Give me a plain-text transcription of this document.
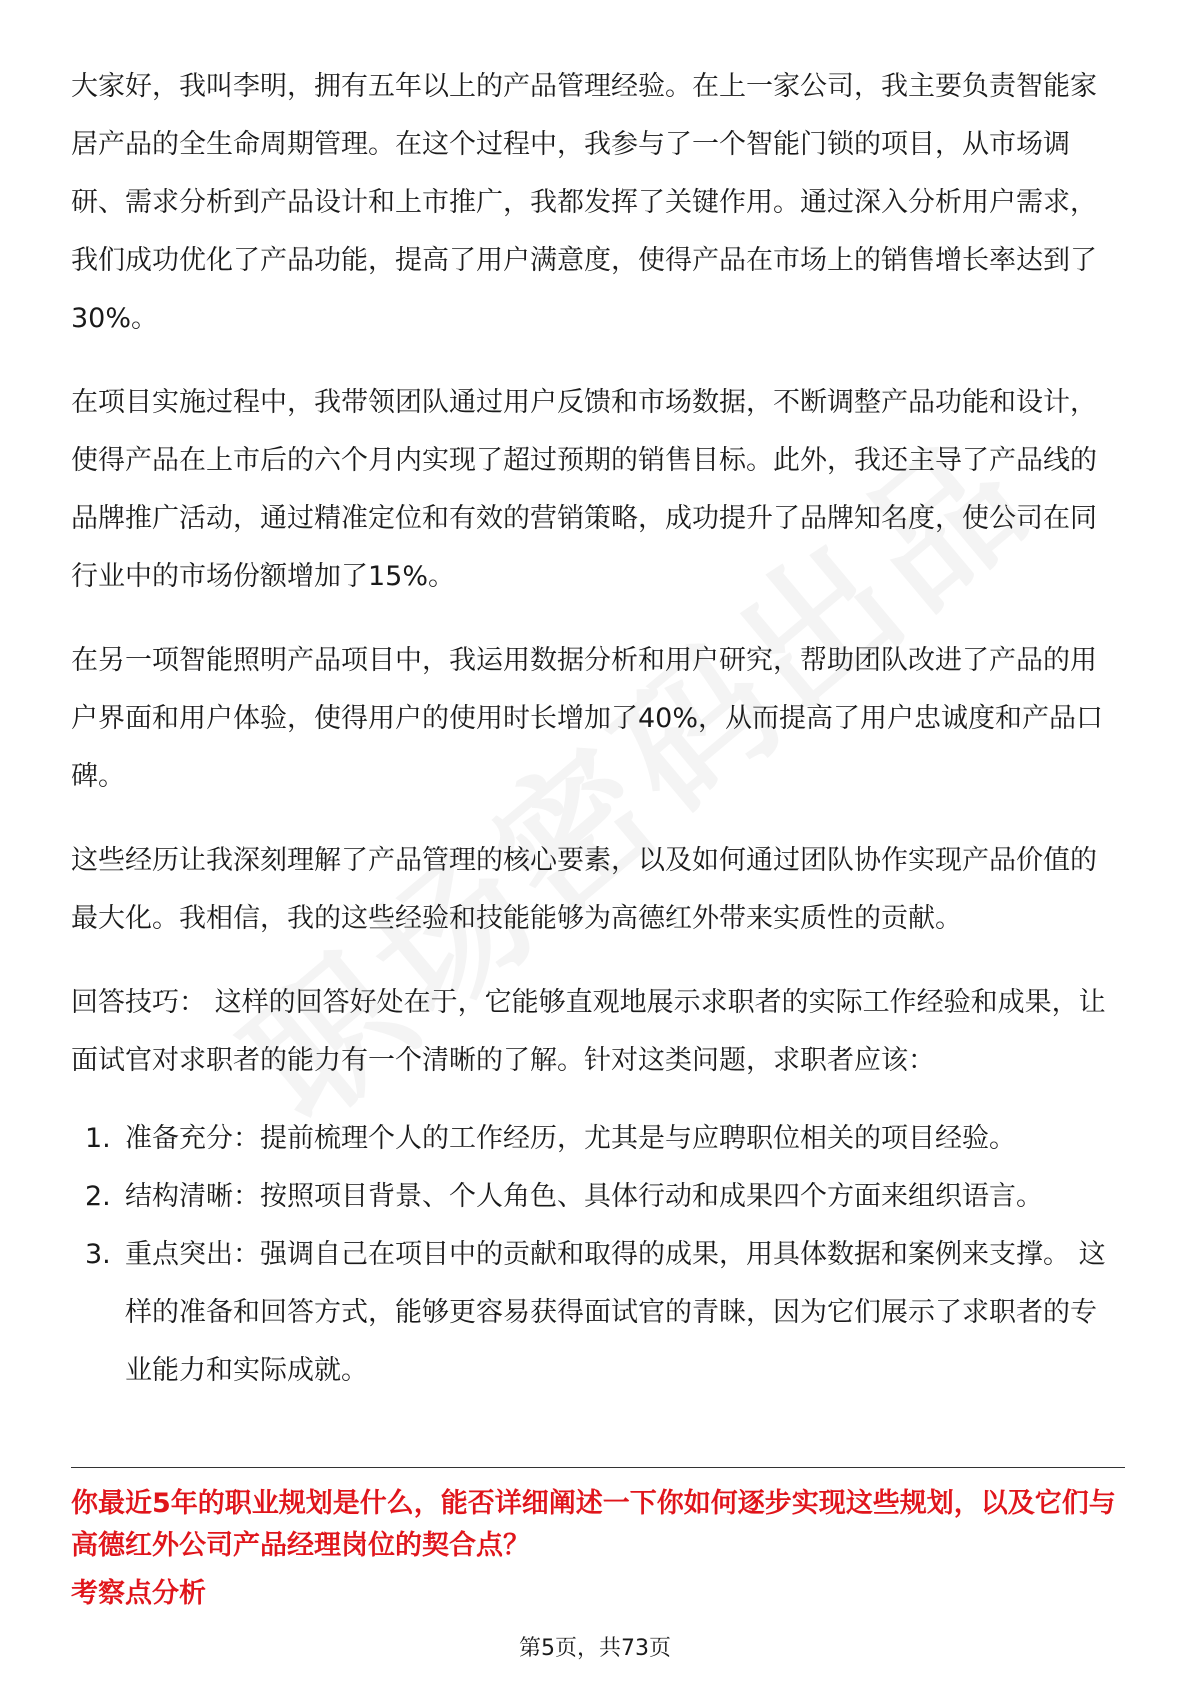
大家好，我叫李明，拥有五年以上的产品管理经验。在上一家公司，我主要负责智能家居产品的全生命周期管理。在这个过程中，我参与了一个智能门锁的项目，从市场调研、需求分析到产品设计和上市推广，我都发挥了关键作用。通过深入分析用户需求，我们成功优化了产品功能，提高了用户满意度，使得产品在市场上的销售增长率达到了30%。

在项目实施过程中，我带领团队通过用户反馈和市场数据，不断调整产品功能和设计，使得产品在上市后的六个月内实现了超过预期的销售目标。此外，我还主导了产品线的品牌推广活动，通过精准定位和有效的营销策略，成功提升了品牌知名度，使公司在同行业中的市场份额增加了15%。

在另一项智能照明产品项目中，我运用数据分析和用户研究，帮助团队改进了产品的用户界面和用户体验，使得用户的使用时长增加了40%，从而提高了用户忠诚度和产品口碑。

这些经历让我深刻理解了产品管理的核心要素，以及如何通过团队协作实现产品价值的最大化。我相信，我的这些经验和技能能够为高德红外带来实质性的贡献。

回答技巧： 这样的回答好处在于，它能够直观地展示求职者的实际工作经验和成果，让面试官对求职者的能力有一个清晰的了解。针对这类问题，求职者应该：

1. 准备充分：提前梳理个人的工作经历，尤其是与应聘职位相关的项目经验。
2. 结构清晰：按照项目背景、个人角色、具体行动和成果四个方面来组织语言。
3. 重点突出：强调自己在项目中的贡献和取得的成果，用具体数据和案例来支撑。 这样的准备和回答方式，能够更容易获得面试官的青睐，因为它们展示了求职者的专业能力和实际成就。

你最近5年的职业规划是什么，能否详细阐述一下你如何逐步实现这些规划，以及它们与高德红外公司产品经理岗位的契合点？

考察点分析

第5页，共73页
